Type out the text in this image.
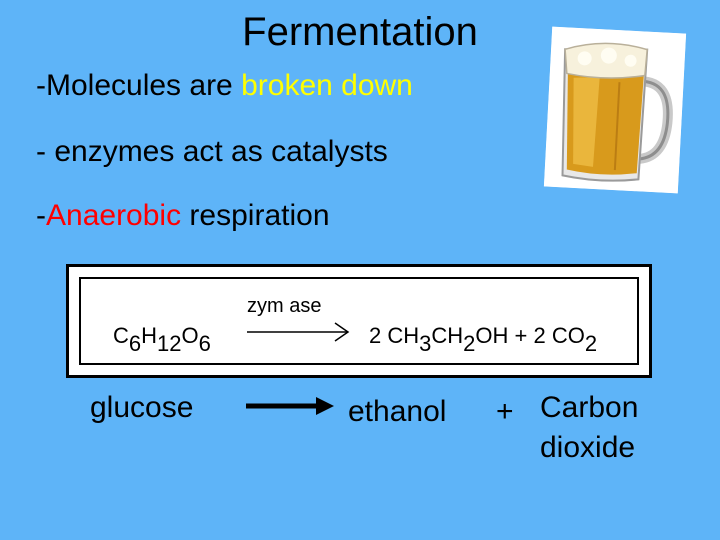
Fermentation
-Molecules are broken down
- enzymes act as catalysts
-Anaerobic respiration
zym ase
$C_6H_{12}O_6$	2 $CH_3CH_2OH + 2$ $CO_2$
glucose	ethanol + Carbon
dioxide
